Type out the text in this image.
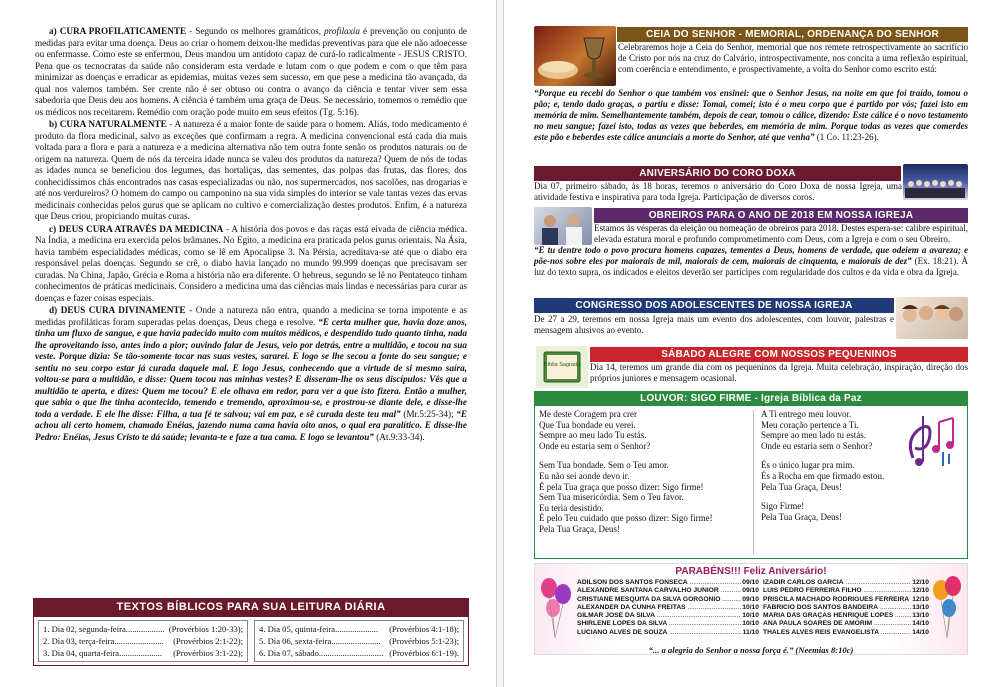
a) CURA PROFILATICAMENTE - Segundo os melhores gramáticos, profilaxia é prevenção ou conjunto de medidas para evitar uma doença. Deus ao criar o homem deixou-lhe medidas preventivas para que ele não adoecesse ou enfermasse. Como este se enfermou, Deus mandou um antídoto capaz de curá-lo radicalmente - JESUS CRISTO. Pena que os tecnocratas da saúde não consideram esta verdade e lutam com o que podem e com o que têm para minimizar as doenças e erradicar as epidemias, muitas vezes sem sucesso, em que pese a medicina tão avançada, da qual nos valemos também. Ser crente não é ser obtuso ou contra o avanço da ciência e tentar viver sem essa sabedoria que Deus deu aos homens. A ciência é também uma graça de Deus. Se necessário, tomemos o remédio que os médicos nos receitarem. Remédio com oração pode muito em seus efeitos (Tg. 5:16).

b) CURA NATURALMENTE - A natureza é a maior fonte de saúde para o homem. Aliás, todo medicamento é produto da flora medicinal, salvo as exceções que confirmam a regra. A medicina convencional está cada dia mais voltada para a flora e para a natureza e a medicina alternativa não tem outra fonte senão os produtos naturais ou de origem na natureza. Quem de nós da terceira idade nunca se valeu dos produtos da natureza? Quem de nós de todas as idades nunca se beneficiou dos legumes, das hortaliças, das sementes, das polpas das frutas, das flores, dos conhecidíssimos chás encontrados nas casas especializadas ou não, nos supermercados, nos sacolões, nas drogarias e até nos verdureiros? O homem do campo ou camponino na sua vida simples do interior se vale tantas vezes das ervas medicinais conhecidas pelos gurus que se aplicam no cultivo e comercialização destes produtos. Enfim, é a natureza que Deus criou, propiciando muitas curas.

c) DEUS CURA ATRAVÉS DA MEDICINA - A história dos povos e das raças está eivada de ciência médica. Na Índia, a medicina era exercida pelos brâmanes. No Egito, a medicina era praticada pelos gurus orientais. Na Ásia, havia também especialidades médicas, como se lê em Apocalipse 3. Na Pérsia, acreditava-se até que o diabo era responsável pelas doenças. Segundo se crê, o diabo havia lançado no mundo 99.999 doenças que precisavam ser curadas. Na China, Japão, Grécia e Roma a história não era diferente. O hebreus, segundo se lê no Pentateuco tinham conhecimentos de práticas medicinais. Considero a medicina uma das ciências mais lindas e necessárias para curar as doenças e fazer coisas especiais.

d) DEUS CURA DIVINAMENTE - Onde a natureza não entra, quando a medicina se torna impotente e as medidas profiláticas foram superadas pelas doenças, Deus chega e resolve. “E certa mulher que, havia doze anos, tinha um fluxo de sangue, e que havia padecido muito com muitos médicos, e despendido tudo quanto tinha, nada lhe aproveitando isso, antes indo a pior; ouvindo falar de Jesus, veio por detrás, entre a multidão, e tocou na sua veste. Porque dizia: Se tão-somente tocar nas suas vestes, sararei. E logo se lhe secou a fonte do seu sangue; e sentiu no seu corpo estar já curada daquele mal. E logo Jesus, conhecendo que a virtude de si mesmo saíra, voltou-se para a multidão, e disse: Quem tocou nas minhas vestes? E disseram-lhe os seus discípulos: Vês que a multidão te aperta, e dizes: Quem me tocou? E ele olhava em redor, para ver a que isto fizera. Então a mulher, que sabia o que lhe tinha acontecido, temendo e tremendo, aproximou-se, e prostrou-se diante dele, e disse-lhe toda a verdade. E ele lhe disse: Filha, a tua fé te salvou; vai em paz, e sê curada deste teu mal” (Mr.5:25-34); “E achou ali certo homem, chamado Enéias, jazendo numa cama havia oito anos, o qual era paralítico. E disse-lhe Pedro: Enéias, Jesus Cristo te dá saúde; levanta-te e faze a tua cama. E logo se levantou” (At.9:33-34).

TEXTOS BÍBLICOS PARA SUA LEITURA DIÁRIA
1. Dia 02, segunda-feira.................. (Provérbios 1:20-33);
2. Dia 03, terça-feira.......................	(Provérbios 2:1-22);
3. Dia 04, quarta-feira....................	(Provérbios 3:1-22);
4. Dia 05, quinta-feira....................	(Provérbios 4:1-18);
5. Dia 06, sexta-feira....................... (Provérbios 5:1-23);
6. Dia 07, sábado.............................. (Provérbios 6:1-19).
CEIA DO SENHOR - MEMORIAL, ORDENANÇA DO SENHOR
Celebraremos hoje a Ceia do Senhor, memorial que nos remete retrospectivamente ao sacrifício de Cristo por nós na cruz do Calvário, introspectivamente, nos concita a uma reflexão espiritual, com coerência e entendimento, e prospectivamente, a volta do Senhor como escrito está:
“Porque eu recebi do Senhor o que também vos ensinei: que o Senhor Jesus, na noite em que foi traído, tomou o pão; e, tendo dado graças, o partiu e disse: Tomai, comei; isto é o meu corpo que é partido por vós; fazei isto em memória de mim. Semelhantemente também, depois de cear, tomou o cálice, dizendo: Este cálice é o novo testamento no meu sangue; fazei isto, todas as vezes que beberdes, em memória de mim. Porque todas as vezes que comerdes este pão e beberdes este cálice anunciais a morte do Senhor, até que venha” (1 Co. 11:23-26).
ANIVERSÁRIO DO CORO DOXA
Dia 07, primeiro sábado, às 18 horas, teremos o aniversário do Coro Doxa de nossa Igreja, uma atividade festiva e inspirativa para toda Igreja. Participação de diversos coros.
OBREIROS PARA O ANO DE 2018 EM NOSSA IGREJA
Estamos às vésperas da eleição ou nomeação de obreiros para 2018. Destes espera-se: calibre espiritual, elevada estatura moral e profundo comprometimento com Deus, com a Igreja e com o seu Obreiro.
“E tu dentre todo o povo procura homens capazes, tementes a Deus, homens de verdade, que odeiem a avareza; e põe-nos sobre eles por maiorais de mil, maiorais de cem, maiorais de cinquenta, e maiorais de dez” (Ex. 18:21). À luz do texto supra, os indicados e eleitos deverão ser partícipes com regularidade dos cultos e da vida e obra da Igreja.
CONGRESSO DOS ADOLESCENTES DE NOSSA IGREJA
De 27 a 29, teremos em nossa Igreja mais um evento dos adolescentes, com louvor, palestras e mensagem alusivos ao evento.
Bíblia Sagrada
SÁBADO ALEGRE COM NOSSOS PEQUENINOS
Dia 14, teremos um grande dia com os pequeninos da Igreja. Muita celebração, inspiração, direção dos próprios juniores e mensagem ocasional.
LOUVOR: SIGO FIRME - Igreja Bíblica da Paz
Me deste Coragem pra crer
Que Tua bondade eu verei.
Sempre ao meu lado Tu estás.
Onde eu estaria sem o Senhor?
Sem Tua bondade. Sem o Teu amor.
Eu não sei aonde devo ir.
É pela Tua graça que posso dizer: Sigo firme!
Sem Tua misericórdia. Sem o Teu favor.
Eu teria desistido.
É pelo Teu cuidado que posso dizer: Sigo firme!
Pela Tua Graça, Deus!
A Ti entrego meu louvor.
Meu coração pertence a Ti.
Sempre ao meu lado tu estás.
Onde eu estaria sem o Senhor?
És o único lugar pra mim.
És a Rocha em que firmado estou.
Pela Tua Graça, Deus!
Sigo Firme!
Pela Tua Graça, Deus!
PARABÉNS!!! Feliz Aniversário!
ADILSON DOS SANTOS FONSECA .....	09/10
ALEXANDRE SANTANA CARVALHO JUNIOR .....	09/10
CRISTIANE MESQUITA DA SILVA GORGONIO .....	09/10
ALEXANDER DA CUNHA FREITAS .....	10/10
GILMAR JOSE DA SILVA .....	10/10
SHIRLENE LOPES DA SILVA .....	10/10
LUCIANO ALVES DE SOUZA .....	11/10
IZADIR CARLOS GARCIA .....	12/10
LUIS PEDRO FERREIRA FILHO .....	12/10
PRISCILA MACHADO RODRIGUES FERREIRA ..... 12/10
FABRICIO DOS SANTOS BANDEIRA .....	13/10
MARIA DAS GRAÇAS HENRIQUE LOPES .....	13/10
ANA PAULA SOARES DE AMORIM .....	14/10
THALES ALVES REIS EVANGELISTA .....	14/10
“... a alegria do Senhor a nossa força é.” (Neemias 8:10c)
